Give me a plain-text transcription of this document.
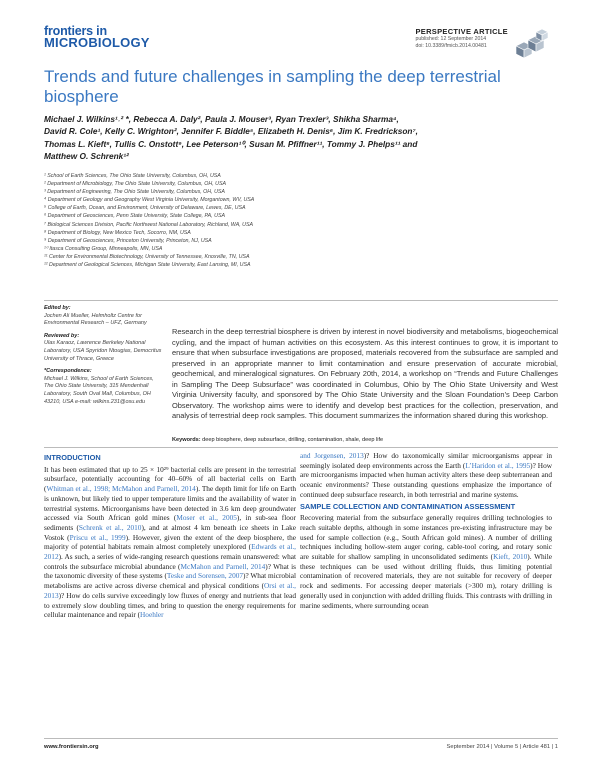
frontiers in
MICROBIOLOGY
PERSPECTIVE ARTICLE
published: 12 September 2014
doi: 10.3389/fmicb.2014.00481
Trends and future challenges in sampling the deep terrestrial biosphere
Michael J. Wilkins¹˒² *, Rebecca A. Daly², Paula J. Mouser³, Ryan Trexler³, Shikha Sharma⁴,
David R. Cole¹, Kelly C. Wrighton², Jennifer F. Biddle⁵, Elizabeth H. Denis⁶, Jim K. Fredrickson⁷,
Thomas L. Kieft⁸, Tullis C. Onstott⁹, Lee Peterson¹⁰, Susan M. Pfiffner¹¹, Tommy J. Phelps¹¹ and
Matthew O. Schrenk¹²
¹ School of Earth Sciences, The Ohio State University, Columbus, OH, USA
² Department of Microbiology, The Ohio State University, Columbus, OH, USA
³ Department of Engineering, The Ohio State University, Columbus, OH, USA
⁴ Department of Geology and Geography West Virginia University, Morgantown, WV, USA
⁵ College of Earth, Ocean, and Environment, University of Delaware, Lewes, DE, USA
⁶ Department of Geosciences, Penn State University, State College, PA, USA
⁷ Biological Sciences Division, Pacific Northwest National Laboratory, Richland, WA, USA
⁸ Department of Biology, New Mexico Tech, Socorro, NM, USA
⁹ Department of Geosciences, Princeton University, Princeton, NJ, USA
¹⁰ Itasca Consulting Group, Minneapolis, MN, USA
¹¹ Center for Environmental Biotechnology, University of Tennessee, Knoxville, TN, USA
¹² Department of Geological Sciences, Michigan State University, East Lansing, MI, USA
Edited by:
Jochen Ali Mueller, Helmholtz Centre for Environmental Research – UFZ, Germany
Reviewed by:
Ulas Karaoz, Lawrence Berkeley National Laboratory, USA Spyridon Ntougias, Democritus University of Thrace, Greece
*Correspondence:
Michael J. Wilkins, School of Earth Sciences, The Ohio State University, 315 Mendenhall Laboratory, South Oval Mall, Columbus, OH 43210, USA e-mail: wilkins.231@osu.edu
Research in the deep terrestrial biosphere is driven by interest in novel biodiversity and metabolisms, biogeochemical cycling, and the impact of human activities on this ecosystem. As this interest continues to grow, it is important to ensure that when subsurface investigations are proposed, materials recovered from the subsurface are sampled and preserved in an appropriate manner to limit contamination and ensure preservation of accurate microbial, geochemical, and mineralogical signatures. On February 20th, 2014, a workshop on “Trends and Future Challenges in Sampling The Deep Subsurface” was coordinated in Columbus, Ohio by The Ohio State University and West Virginia University faculty, and sponsored by The Ohio State University and the Sloan Foundation’s Deep Carbon Observatory. The workshop aims were to identify and develop best practices for the collection, preservation, and analysis of terrestrial deep rock samples. This document summarizes the information shared during this workshop.
Keywords: deep biosphere, deep subsurface, drilling, contamination, shale, deep life
INTRODUCTION
It has been estimated that up to 25 × 10²⁹ bacterial cells are present in the terrestrial subsurface, potentially accounting for 40–60% of all bacterial cells on Earth (Whitman et al., 1998; McMahon and Parnell, 2014). The depth limit for life on Earth is unknown, but likely tied to upper temperature limits and the availability of water in terrestrial systems. Microorganisms have been detected in 3.6 km deep groundwater accessed via South African gold mines (Moser et al., 2005), in sub-sea floor sediments (Schrenk et al., 2010), and at almost 4 km beneath ice sheets in Lake Vostok (Priscu et al., 1999). However, given the extent of the deep biosphere, the majority of potential habitats remain almost completely unexplored (Edwards et al., 2012). As such, a series of wide-ranging research questions remain unanswered: what controls the subsurface microbial abundance (McMahon and Parnell, 2014)? What is the taxonomic diversity of these systems (Teske and Sorensen, 2007)? What microbial metabolisms are active across diverse chemical and physical conditions (Orsi et al., 2013)? How do cells survive exceedingly low fluxes of energy and nutrients that lead to extremely slow doubling times, and bring to question the energy requirements for cellular maintenance and repair (Hoehler
and Jorgensen, 2013)? How do taxonomically similar microorganisms appear in seemingly isolated deep environments across the Earth (L’Haridon et al., 1995)? How are microorganisms impacted when human activity alters these deep subterranean and oceanic environments? These outstanding questions emphasize the importance of continued deep subsurface research, in both terrestrial and marine systems.
SAMPLE COLLECTION AND CONTAMINATION ASSESSMENT
Recovering material from the subsurface generally requires drilling technologies to reach suitable depths, although in some instances pre-existing infrastructure may be used for sample collection (e.g., South African gold mines). A number of drilling techniques including hollow-stem auger coring, cable-tool coring, and rotary sonic are suitable for shallow sampling in unconsolidated sediments (Kieft, 2010). While these techniques can be used without drilling fluids, thus limiting potential contamination of recovered materials, they are not suitable for recovery of deeper rock and sediments. For accessing deeper materials (>300 m), rotary drilling is generally used in conjunction with added drilling fluids. This contrasts with drilling in marine sediments, where surrounding ocean
www.frontiersin.org	September 2014 | Volume 5 | Article 481 | 1
